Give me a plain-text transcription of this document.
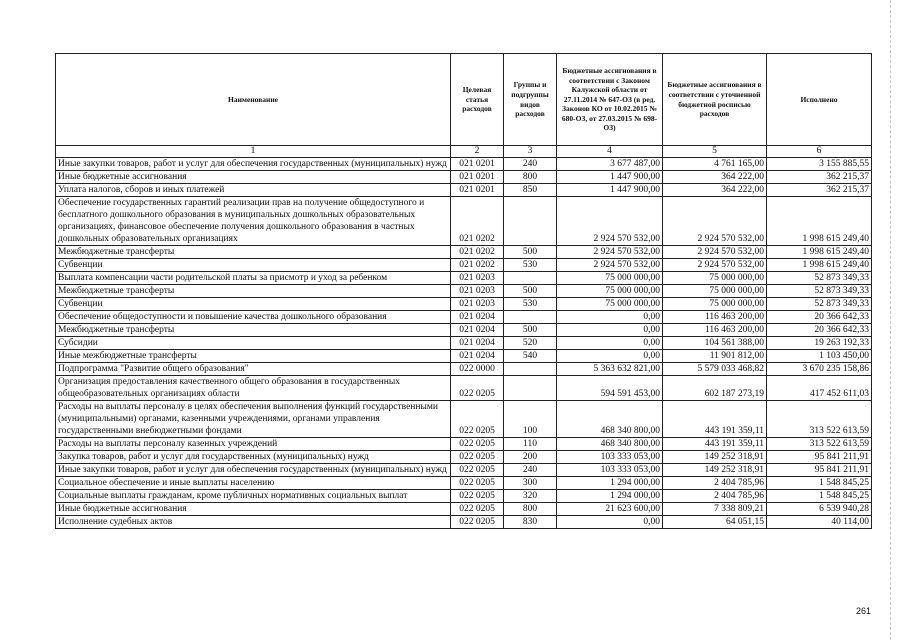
Наименование	Целевая статья расходов	Группы и подгруппы видов расходов	Бюджетные ассигнования в соответствии с Законом Калужской области от 27.11.2014 № 647-ОЗ (в ред. Законов КО от 10.02.2015 № 680-ОЗ, от 27.03.2015 № 698-ОЗ)	Бюджетные ассигнования в соответствии с уточненной бюджетной росписью расходов	Исполнено
1	2	3	4	5	6
Иные закупки товаров, работ и услуг для обеспечения государственных (муниципальных) нужд	021 0201	240	3 677 487,00	4 761 165,00	3 155 885,55
Иные бюджетные ассигнования	021 0201	800	1 447 900,00	364 222,00	362 215,37
Уплата налогов, сборов и иных платежей	021 0201	850	1 447 900,00	364 222,00	362 215,37
Обеспечение государственных гарантий реализации прав на получение общедоступного и бесплатного дошкольного образования в муниципальных дошкольных образовательных организациях, финансовое обеспечение получения дошкольного образования в частных дошкольных образовательных организациях	021 0202		2 924 570 532,00	2 924 570 532,00	1 998 615 249,40
Межбюджетные трансферты	021 0202	500	2 924 570 532,00	2 924 570 532,00	1 998 615 249,40
Субвенции	021 0202	530	2 924 570 532,00	2 924 570 532,00	1 998 615 249,40
Выплата компенсации части родительской платы за присмотр и уход за ребенком	021 0203		75 000 000,00	75 000 000,00	52 873 349,33
Межбюджетные трансферты	021 0203	500	75 000 000,00	75 000 000,00	52 873 349,33
Субвенции	021 0203	530	75 000 000,00	75 000 000,00	52 873 349,33
Обеспечение общедоступности и повышение качества дошкольного образования	021 0204		0,00	116 463 200,00	20 366 642,33
Межбюджетные трансферты	021 0204	500	0,00	116 463 200,00	20 366 642,33
Субсидии	021 0204	520	0,00	104 561 388,00	19 263 192,33
Иные межбюджетные трансферты	021 0204	540	0,00	11 901 812,00	1 103 450,00
Подпрограмма "Развитие общего образования"	022 0000		5 363 632 821,00	5 579 033 468,82	3 670 235 158,86
Организация предоставления качественного общего образования в государственных общеобразовательных организациях области	022 0205		594 591 453,00	602 187 273,19	417 452 611,03
Расходы на выплаты персоналу в целях обеспечения выполнения функций государственными (муниципальными) органами, казенными учреждениями, органами управления государственными внебюджетными фондами	022 0205	100	468 340 800,00	443 191 359,11	313 522 613,59
Расходы на выплаты персоналу казенных учреждений	022 0205	110	468 340 800,00	443 191 359,11	313 522 613,59
Закупка товаров, работ и услуг для государственных (муниципальных) нужд	022 0205	200	103 333 053,00	149 252 318,91	95 841 211,91
Иные закупки товаров, работ и услуг для обеспечения государственных (муниципальных) нужд	022 0205	240	103 333 053,00	149 252 318,91	95 841 211,91
Социальное обеспечение и иные выплаты населению	022 0205	300	1 294 000,00	2 404 785,96	1 548 845,25
Социальные выплаты гражданам, кроме публичных нормативных социальных выплат	022 0205	320	1 294 000,00	2 404 785,96	1 548 845,25
Иные бюджетные ассигнования	022 0205	800	21 623 600,00	7 338 809,21	6 539 940,28
Исполнение судебных актов	022 0205	830	0,00	64 051,15	40 114,00
261
